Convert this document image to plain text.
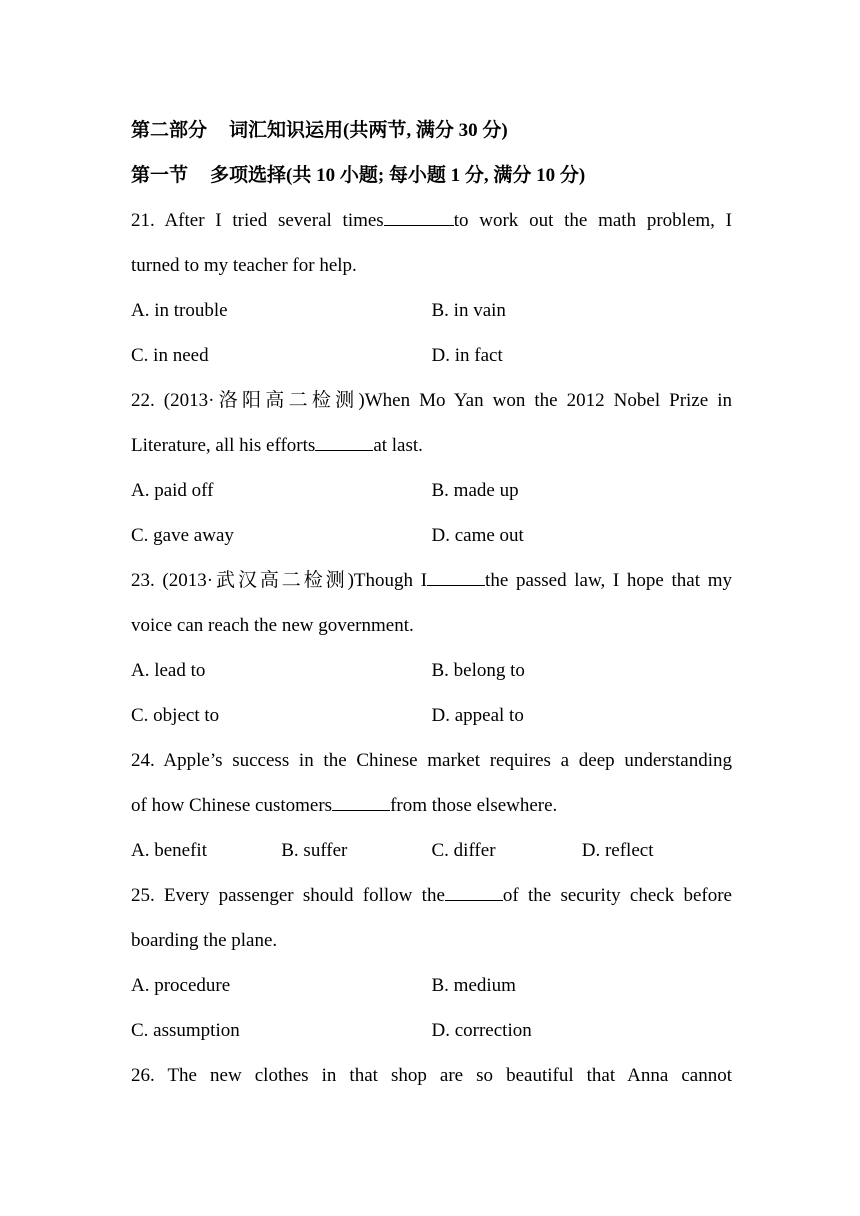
第二部分 词汇知识运用(共两节, 满分 30 分)
第一节 多项选择(共 10 小题; 每小题 1 分, 满分 10 分)
21. After I tried several times	to work out the math problem, I
turned to my teacher for help.
A. in trouble	B. in vain
C. in need	D. in fact
22. (2013·洛阳高二检测)When Mo Yan won the 2012 Nobel Prize in
Literature, all his efforts	at last.
A. paid off	B. made up
C. gave away	D. came out
23. (2013·武汉高二检测)Though I	the passed law, I hope that my
voice can reach the new government.
A. lead to	B. belong to
C. object to	D. appeal to
24. Apple’s success in the Chinese market requires a deep understanding
of how Chinese customers	from those elsewhere.
A. benefit	B. suffer	C. differ	D. reflect
25. Every passenger should follow the	of the security check before
boarding the plane.
A. procedure	B. medium
C. assumption	D. correction
26. The new clothes in that shop are so beautiful that Anna cannot
